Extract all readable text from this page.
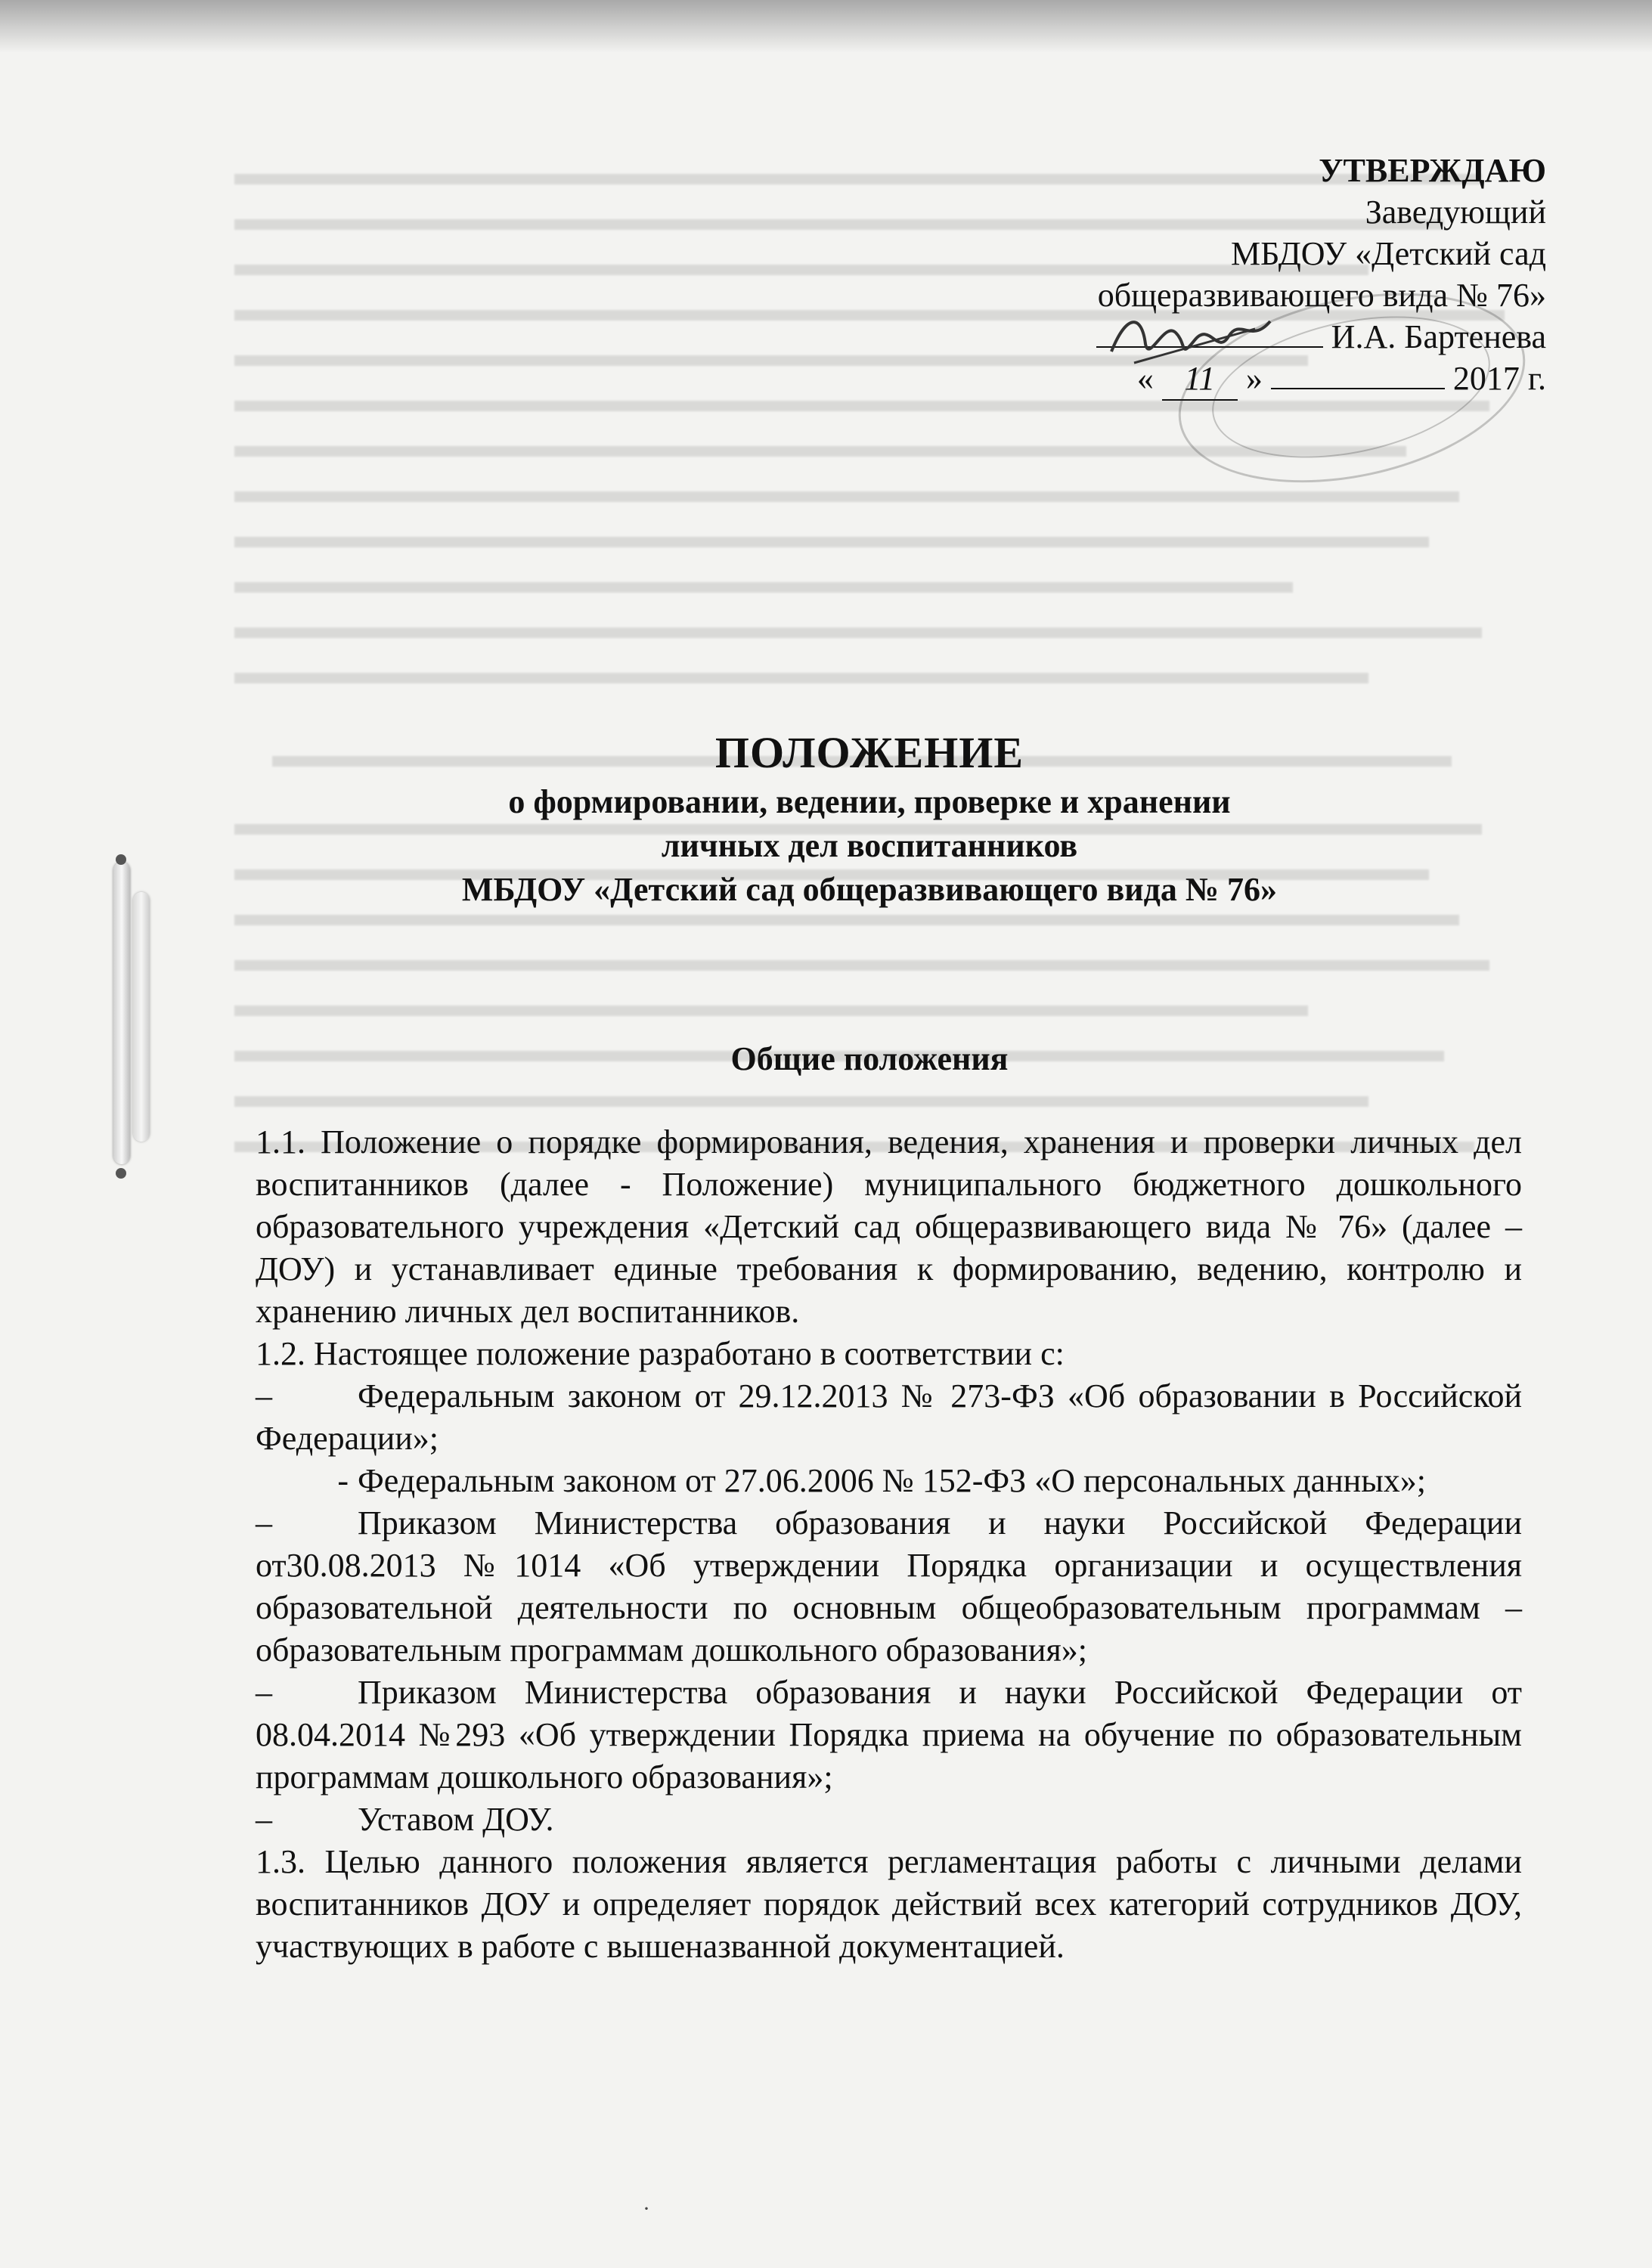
УТВЕРЖДАЮ
Заведующий
МБДОУ «Детский сад
общеразвивающего вида № 76»
И.А. Бартенева
« 11 »	2017 г.
ПОЛОЖЕНИЕ
о формировании, ведении, проверке и хранении
личных дел воспитанников
МБДОУ «Детский сад общеразвивающего вида № 76»
Общие положения

1.1. Положение о порядке формирования, ведения, хранения и проверки личных дел воспитанников (далее - Положение) муниципального бюджетного дошкольного образовательного учреждения «Детский сад общеразвивающего вида № 76» (далее – ДОУ) и устанавливает единые требования к формированию, ведению, контролю и хранению личных дел воспитанников.

1.2. Настоящее положение разработано в соответствии с:

–	Федеральным законом от 29.12.2013 № 273-ФЗ «Об образовании в Российской Федерации»;

- Федеральным законом от 27.06.2006 № 152-ФЗ «О персональных данных»;

–	Приказом Министерства образования и науки Российской Федерации от30.08.2013 №1014 «Об утверждении Порядка организации и осуществления образовательной деятельности по основным общеобразовательным программам – образовательным программам дошкольного образования»;

–	Приказом Министерства образования и науки Российской Федерации от 08.04.2014 №293 «Об утверждении Порядка приема на обучение по образовательным программам дошкольного образования»;

–	Уставом ДОУ.

1.3. Целью данного положения является регламентация работы с личными делами воспитанников ДОУ и определяет порядок действий всех категорий сотрудников ДОУ, участвующих в работе с вышеназванной документацией.

·
